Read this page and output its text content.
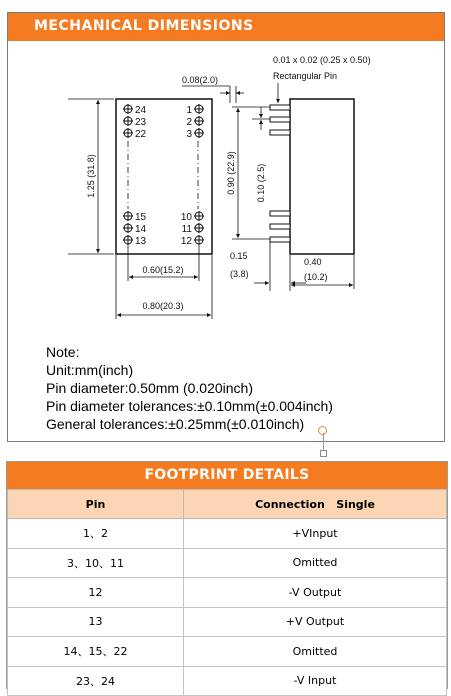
MECHANICAL DIMENSIONS
24
23
22
15
14
13
1
2
3
10
11
12
1.25 (31.8)
0.60(15.2)
0.80(20.3)
0.01 x 0.02 (0.25 x 0.50)
Rectangular Pin
0.08(2.0)
0.90 (22.9) 0.10 (2.5)
0.15
(3.8)
0.40
(10.2)
Note:
Unit:mm(inch)
Pin diameter:0.50mm (0.020inch)
Pin diameter tolerances:±0.10mm(±0.004inch)
General tolerances:±0.25mm(±0.010inch)
FOOTPRINT DETAILS
Pin	Connection   Single
1、2	+VInput
3、10、11	Omitted
12	-V Output
13	+V Output
14、15、22	Omitted
23、24	-V Input
